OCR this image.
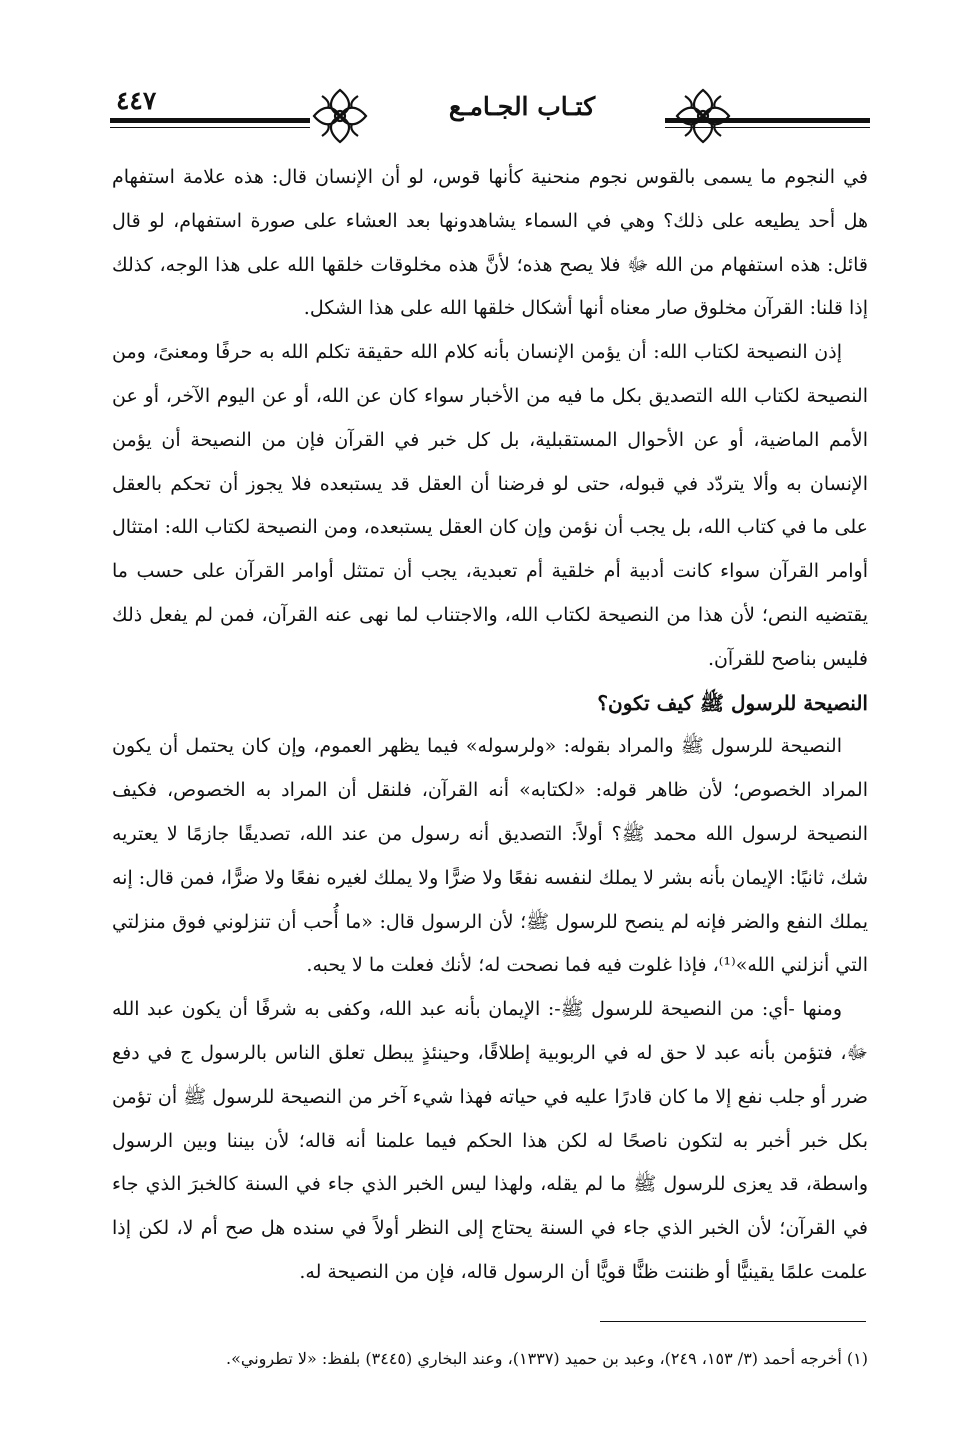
٤٤٧	كتـاب الجـامـع

في النجوم ما يسمى بالقوس نجوم منحنية كأنها قوس، لو أن الإنسان قال: هذه علامة استفهام هل أحد يطيعه على ذلك؟ وهي في السماء يشاهدونها بعد العشاء على صورة استفهام، لو قال قائل: هذه استفهام من الله ﷻ فلا يصح هذه؛ لأنَّ هذه مخلوقات خلقها الله على هذا الوجه، كذلك إذا قلنا: القرآن مخلوق صار معناه أنها أشكال خلقها الله على هذا الشكل.

إذن النصيحة لكتاب الله: أن يؤمن الإنسان بأنه كلام الله حقيقة تكلم الله به حرفًا ومعنىً، ومن النصيحة لكتاب الله التصديق بكل ما فيه من الأخبار سواء كان عن الله، أو عن اليوم الآخر، أو عن الأمم الماضية، أو عن الأحوال المستقبلية، بل كل خبر في القرآن فإن من النصيحة أن يؤمن الإنسان به وألا يتردّد في قبوله، حتى لو فرضنا أن العقل قد يستبعده فلا يجوز أن تحكم بالعقل على ما في كتاب الله، بل يجب أن نؤمن وإن كان العقل يستبعده، ومن النصيحة لكتاب الله: امتثال أوامر القرآن سواء كانت أدبية أم خلقية أم تعبدية، يجب أن تمتثل أوامر القرآن على حسب ما يقتضيه النص؛ لأن هذا من النصيحة لكتاب الله، والاجتناب لما نهى عنه القرآن، فمن لم يفعل ذلك فليس بناصح للقرآن.

النصيحة للرسول ﷺ كيف تكون؟

النصيحة للرسول ﷺ والمراد بقوله: «ولرسوله» فيما يظهر العموم، وإن كان يحتمل أن يكون المراد الخصوص؛ لأن ظاهر قوله: «لكتابه» أنه القرآن، فلنقل أن المراد به الخصوص، فكيف النصيحة لرسول الله محمد ﷺ؟ أولاً: التصديق أنه رسول من عند الله، تصديقًا جازمًا لا يعتريه شك، ثانيًا: الإيمان بأنه بشر لا يملك لنفسه نفعًا ولا ضرًّا ولا يملك لغيره نفعًا ولا ضرًّا، فمن قال: إنه يملك النفع والضر فإنه لم ينصح للرسول ﷺ؛ لأن الرسول قال: «ما أُحب أن تنزلوني فوق منزلتي التي أنزلني الله»⁽¹⁾، فإذا غلوت فيه فما نصحت له؛ لأنك فعلت ما لا يحبه.

ومنها -أي: من النصيحة للرسول ﷺ-: الإيمان بأنه عبد الله، وكفى به شرفًا أن يكون عبد الله ﷻ، فتؤمن بأنه عبد لا حق له في الربوبية إطلاقًا، وحينئذٍ يبطل تعلق الناس بالرسول ج في دفع ضرر أو جلب نفع إلا ما كان قادرًا عليه في حياته فهذا شيء آخر من النصيحة للرسول ﷺ أن تؤمن بكل خبر أخبر به لتكون ناصحًا له لكن هذا الحكم فيما علمنا أنه قاله؛ لأن بيننا وبين الرسول واسطة، قد يعزى للرسول ﷺ ما لم يقله، ولهذا ليس الخبر الذي جاء في السنة كالخبرَ الذي جاء في القرآن؛ لأن الخبر الذي جاء في السنة يحتاج إلى النظر أولاً في سنده هل صح أم لا، لكن إذا علمت علمًا يقينيًّا أو ظننت ظنًّا قويًّا أن الرسول قاله، فإن من النصيحة له.

(١) أخرجه أحمد (٣/ ١٥٣، ٢٤٩)، وعبد بن حميد (١٣٣٧)، وعند البخاري (٣٤٤٥) بلفظ: «لا تطروني».
